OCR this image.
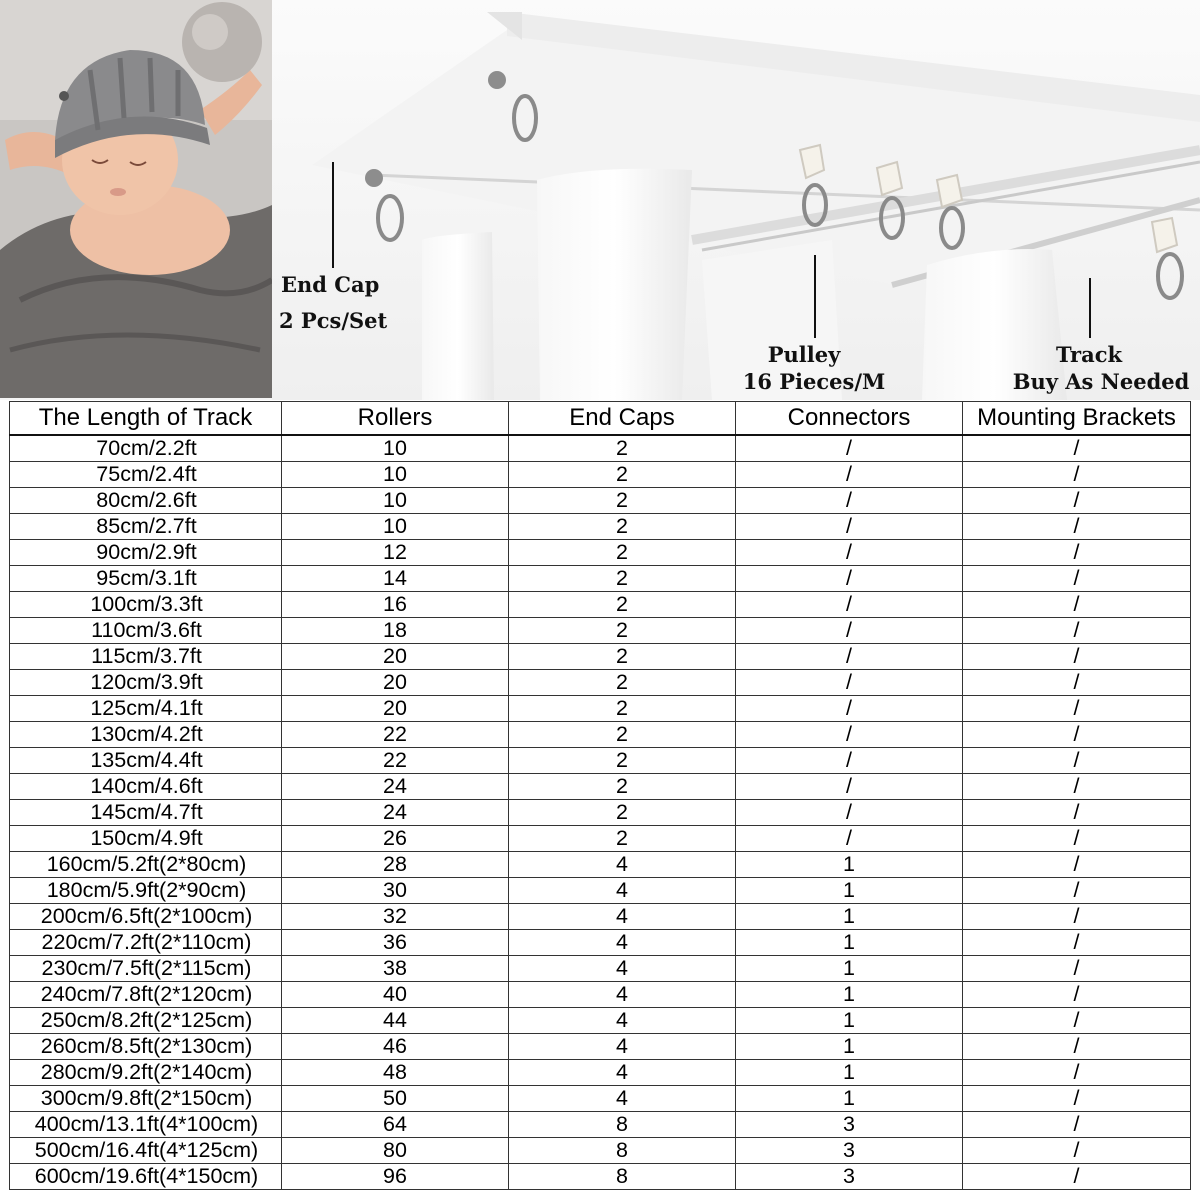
End Cap
2 Pcs/Set
Pulley
16 Pieces/M
Track
Buy As Needed
The Length of Track	Rollers	End Caps	Connectors	Mounting Brackets
70cm/2.2ft	10	2	/	/
75cm/2.4ft	10	2	/	/
80cm/2.6ft	10	2	/	/
85cm/2.7ft	10	2	/	/
90cm/2.9ft	12	2	/	/
95cm/3.1ft	14	2	/	/
100cm/3.3ft	16	2	/	/
110cm/3.6ft	18	2	/	/
115cm/3.7ft	20	2	/	/
120cm/3.9ft	20	2	/	/
125cm/4.1ft	20	2	/	/
130cm/4.2ft	22	2	/	/
135cm/4.4ft	22	2	/	/
140cm/4.6ft	24	2	/	/
145cm/4.7ft	24	2	/	/
150cm/4.9ft	26	2	/	/
160cm/5.2ft(2*80cm)	28	4	1	/
180cm/5.9ft(2*90cm)	30	4	1	/
200cm/6.5ft(2*100cm)	32	4	1	/
220cm/7.2ft(2*110cm)	36	4	1	/
230cm/7.5ft(2*115cm)	38	4	1	/
240cm/7.8ft(2*120cm)	40	4	1	/
250cm/8.2ft(2*125cm)	44	4	1	/
260cm/8.5ft(2*130cm)	46	4	1	/
280cm/9.2ft(2*140cm)	48	4	1	/
300cm/9.8ft(2*150cm)	50	4	1	/
400cm/13.1ft(4*100cm)	64	8	3	/
500cm/16.4ft(4*125cm)	80	8	3	/
600cm/19.6ft(4*150cm)	96	8	3	/
